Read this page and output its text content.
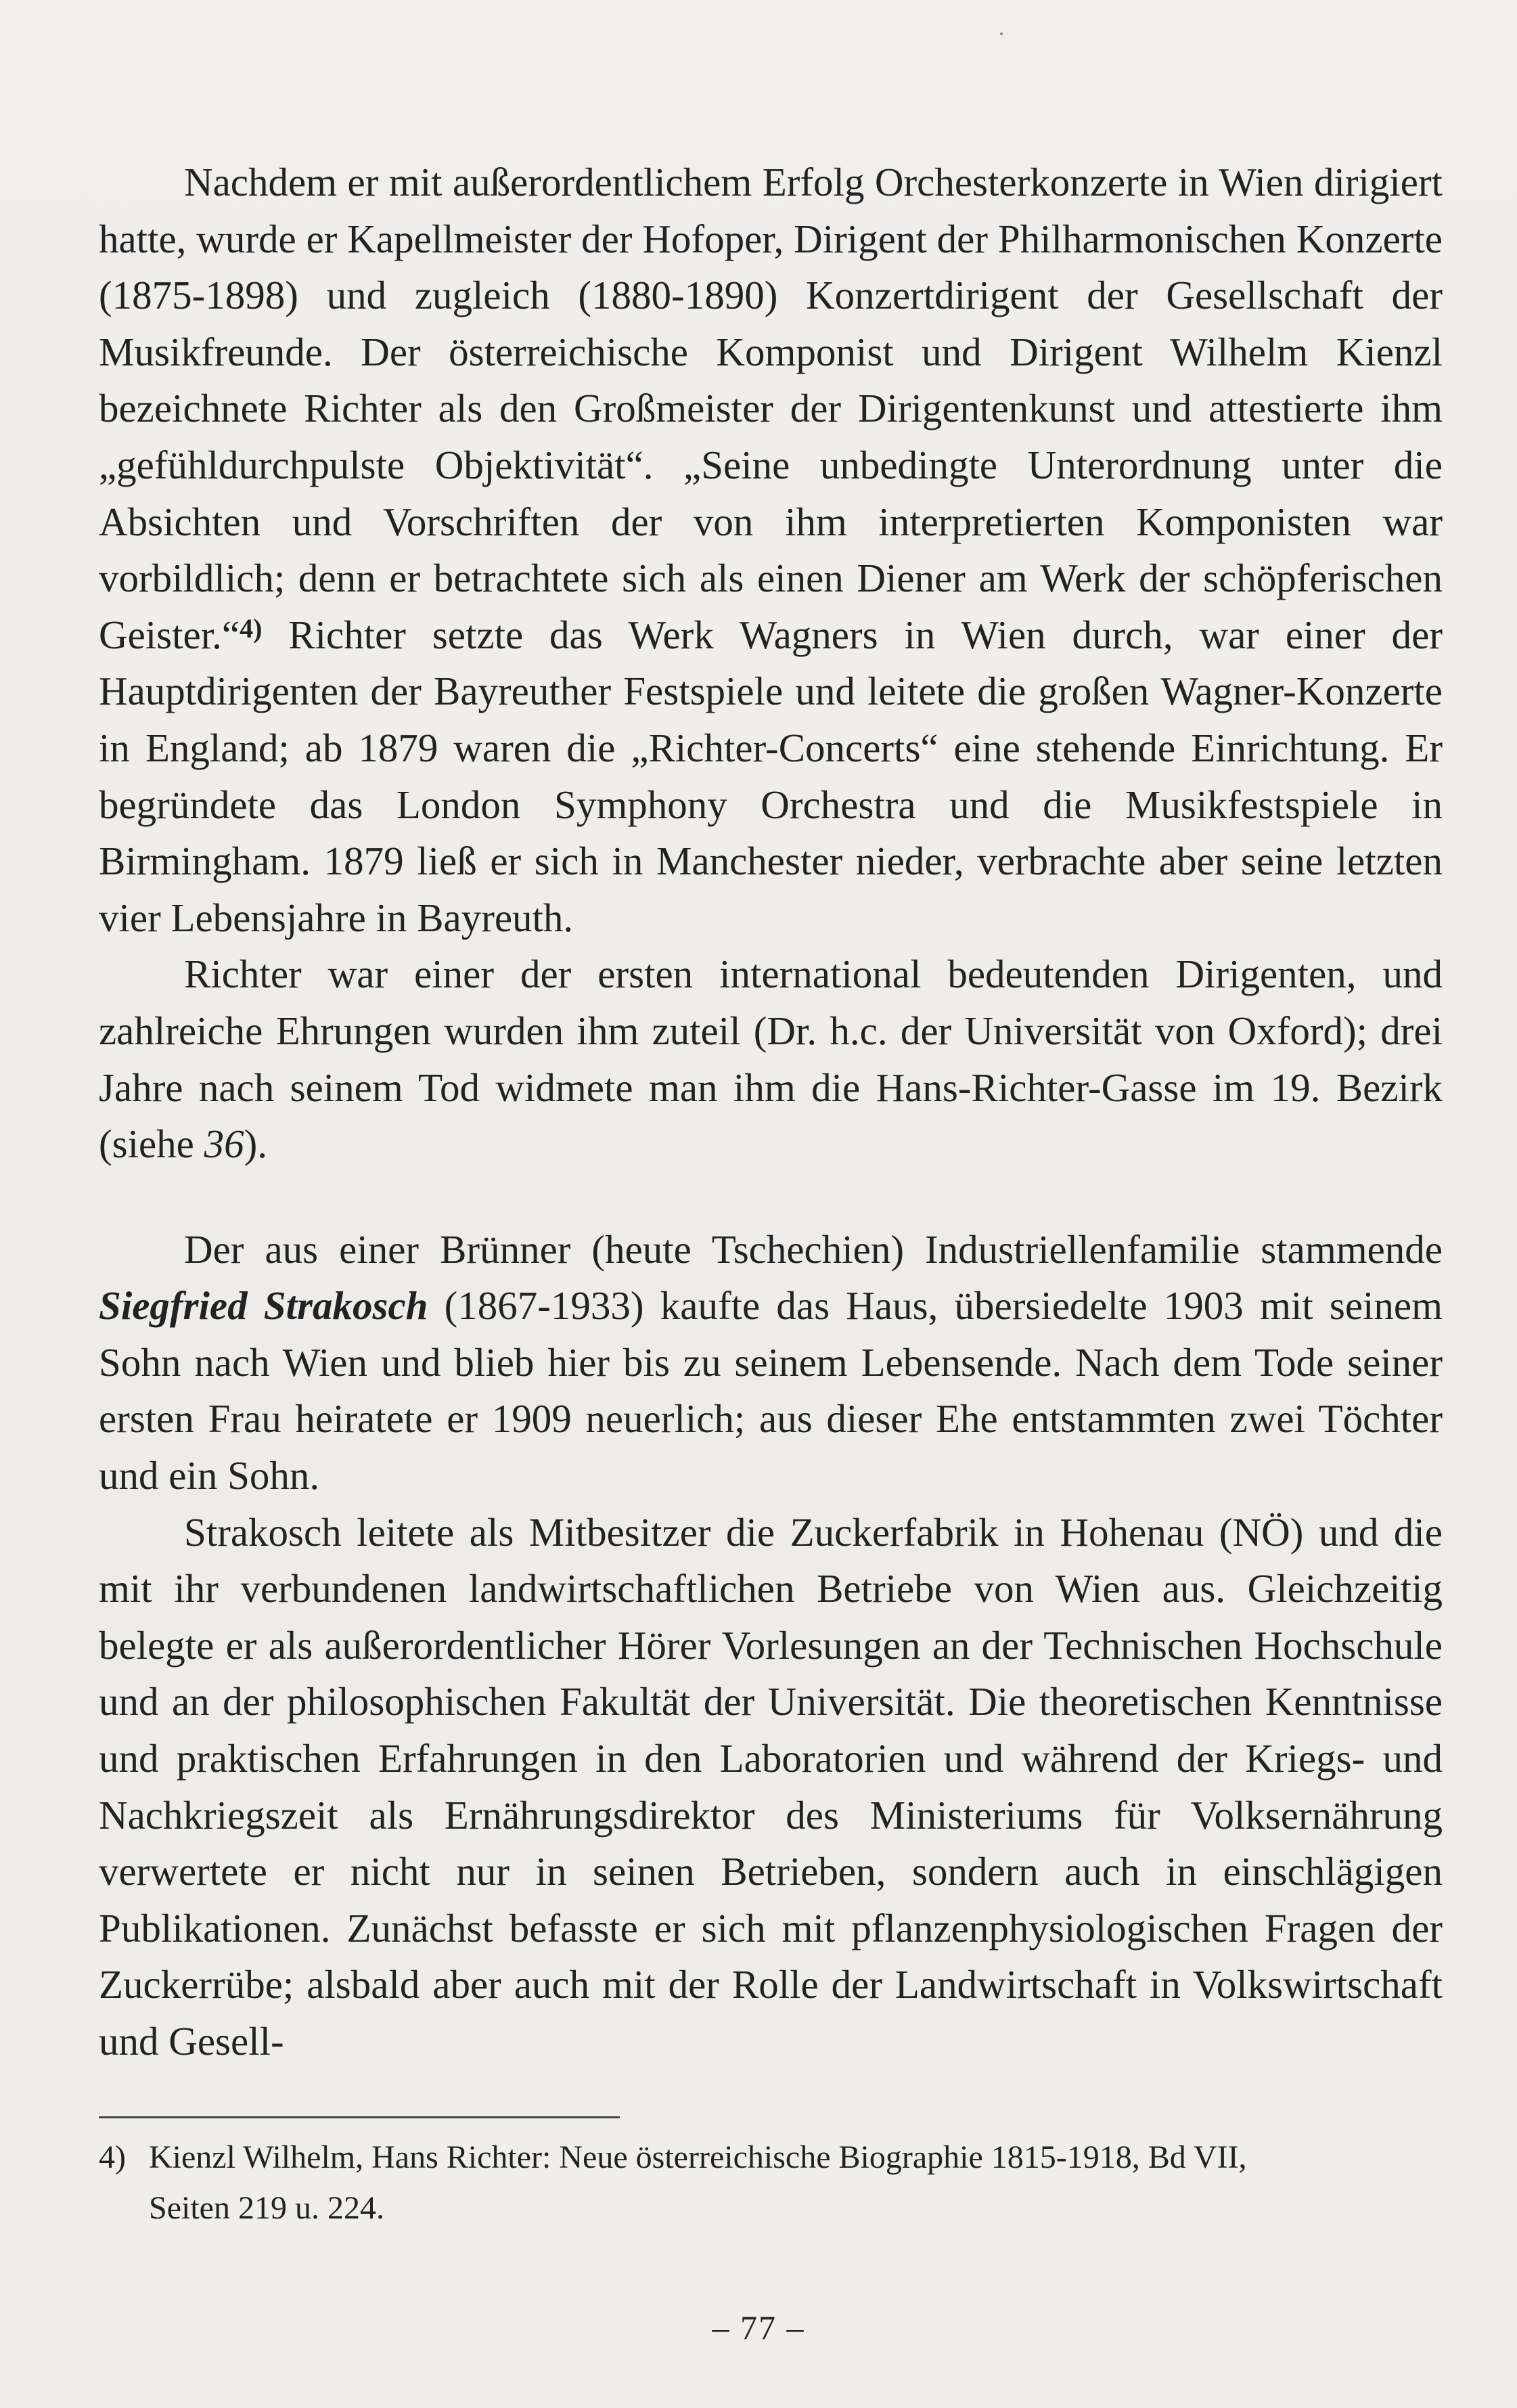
Nachdem er mit außerordentlichem Erfolg Orchesterkonzerte in Wien dirigiert hatte, wurde er Kapellmeister der Hofoper, Dirigent der Philharmonischen Konzerte (1875-1898) und zugleich (1880-1890) Konzertdirigent der Gesellschaft der Musikfreunde. Der österreichische Komponist und Dirigent Wilhelm Kienzl bezeichnete Richter als den Großmeister der Dirigentenkunst und attestierte ihm „gefühldurchpulste Objektivität“. „Seine unbedingte Unterordnung unter die Absichten und Vorschriften der von ihm interpretierten Komponisten war vorbildlich; denn er betrachtete sich als einen Diener am Werk der schöpferischen Geister.“$^{4)}$ Richter setzte das Werk Wagners in Wien durch, war einer der Hauptdirigenten der Bayreuther Festspiele und leitete die großen Wagner-Konzerte in England; ab 1879 waren die „Richter-Concerts“ eine stehende Einrichtung. Er begründete das London Symphony Orchestra und die Musikfestspiele in Birmingham. 1879 ließ er sich in Manchester nieder, verbrachte aber seine letzten vier Lebensjahre in Bayreuth.

Richter war einer der ersten international bedeutenden Dirigenten, und zahlreiche Ehrungen wurden ihm zuteil (Dr. h.c. der Universität von Oxford); drei Jahre nach seinem Tod widmete man ihm die Hans-Richter-Gasse im 19. Bezirk (siehe 36).

Der aus einer Brünner (heute Tschechien) Industriellenfamilie stammende Siegfried Strakosch (1867-1933) kaufte das Haus, übersiedelte 1903 mit seinem Sohn nach Wien und blieb hier bis zu seinem Lebensende. Nach dem Tode seiner ersten Frau heiratete er 1909 neuerlich; aus dieser Ehe entstammten zwei Töchter und ein Sohn.

Strakosch leitete als Mitbesitzer die Zuckerfabrik in Hohenau (NÖ) und die mit ihr verbundenen landwirtschaftlichen Betriebe von Wien aus. Gleichzeitig belegte er als außerordentlicher Hörer Vorlesungen an der Technischen Hochschule und an der philosophischen Fakultät der Universität. Die theoretischen Kenntnisse und praktischen Erfahrungen in den Laboratorien und während der Kriegs- und Nachkriegszeit als Ernährungsdirektor des Ministeriums für Volksernährung verwertete er nicht nur in seinen Betrieben, sondern auch in einschlägigen Publikationen. Zunächst befasste er sich mit pflanzenphysiologischen Fragen der Zuckerrübe; alsbald aber auch mit der Rolle der Landwirtschaft in Volkswirtschaft und Gesell-

4) Kienzl Wilhelm, Hans Richter: Neue österreichische Biographie 1815-1918, Bd VII,
Seiten 219 u. 224.
– 77 –
